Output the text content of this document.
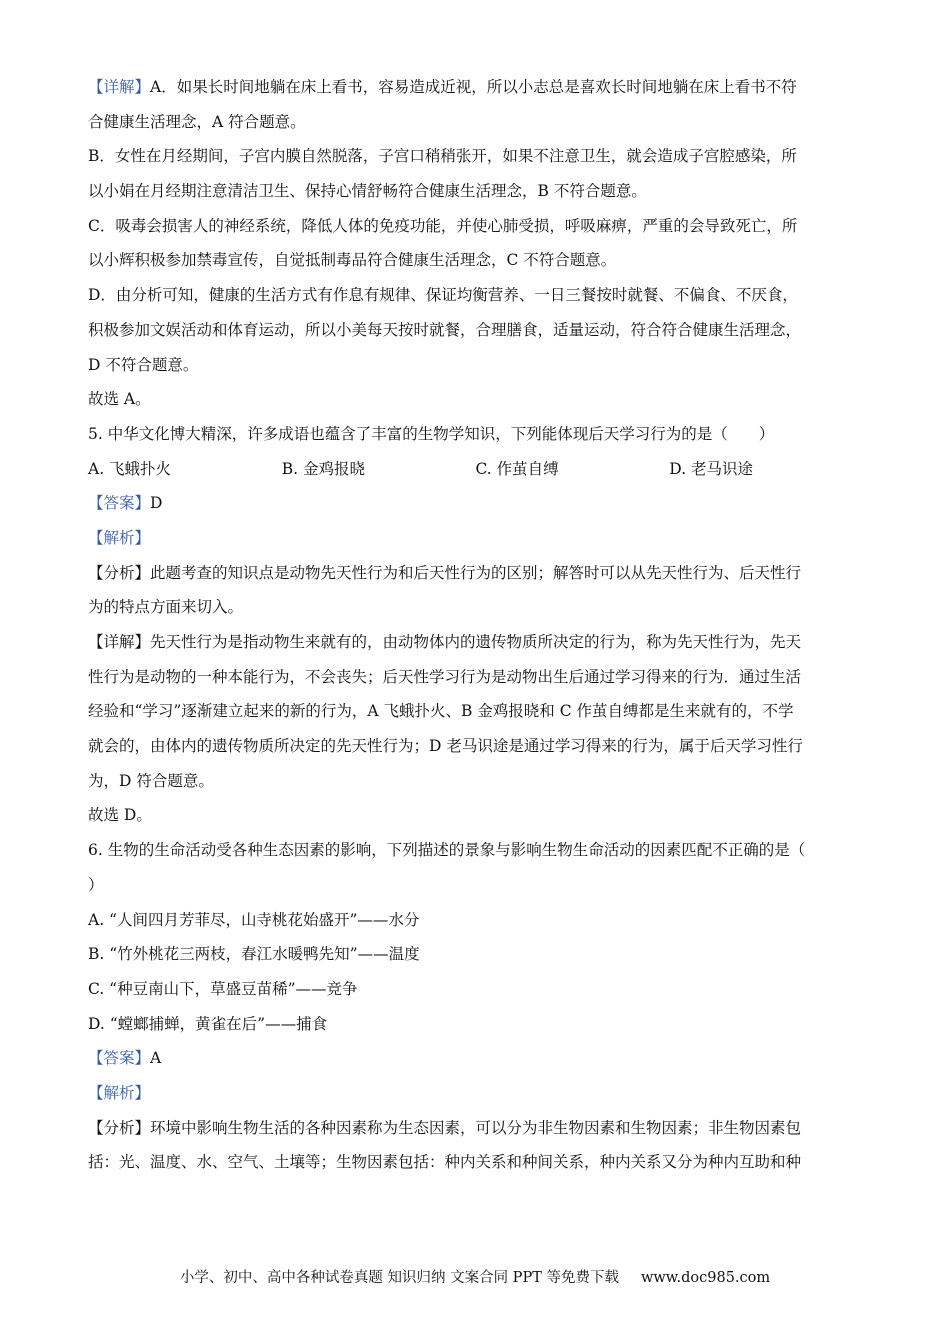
【详解】A．如果长时间地躺在床上看书，容易造成近视，所以小志总是喜欢长时间地躺在床上看书不符
合健康生活理念，A 符合题意。
B．女性在月经期间，子宫内膜自然脱落，子宫口稍稍张开，如果不注意卫生，就会造成子宫腔感染，所
以小娟在月经期注意清洁卫生、保持心情舒畅符合健康生活理念，B 不符合题意。
C．吸毒会损害人的神经系统，降低人体的免疫功能，并使心肺受损，呼吸麻痹，严重的会导致死亡，所
以小辉积极参加禁毒宣传，自觉抵制毒品符合健康生活理念，C 不符合题意。
D．由分析可知，健康的生活方式有作息有规律、保证均衡营养、一日三餐按时就餐、不偏食、不厌食，
积极参加文娱活动和体育运动，所以小美每天按时就餐，合理膳食，适量运动，符合符合健康生活理念，
D 不符合题意。
故选 A。
5. 中华文化博大精深，许多成语也蕴含了丰富的生物学知识，下列能体现后天学习行为的是（　　）
A. 飞蛾扑火	B. 金鸡报晓	C. 作茧自缚	D. 老马识途
【答案】D
【解析】
【分析】此题考查的知识点是动物先天性行为和后天性行为的区别；解答时可以从先天性行为、后天性行
为的特点方面来切入。
【详解】先天性行为是指动物生来就有的，由动物体内的遗传物质所决定的行为，称为先天性行为，先天
性行为是动物的一种本能行为，不会丧失；后天性学习行为是动物出生后通过学习得来的行为．通过生活
经验和“学习”逐渐建立起来的新的行为，A 飞蛾扑火、B 金鸡报晓和 C 作茧自缚都是生来就有的，不学
就会的，由体内的遗传物质所决定的先天性行为；D 老马识途是通过学习得来的行为，属于后天学习性行
为，D 符合题意。
故选 D。
6. 生物的生命活动受各种生态因素的影响，下列描述的景象与影响生物生命活动的因素匹配不正确的是（
）
A. “人间四月芳菲尽，山寺桃花始盛开”——水分
B. “竹外桃花三两枝，春江水暖鸭先知”——温度
C. “种豆南山下，草盛豆苗稀”——竞争
D. “螳螂捕蝉，黄雀在后”——捕食
【答案】A
【解析】
【分析】环境中影响生物生活的各种因素称为生态因素，可以分为非生物因素和生物因素；非生物因素包
括：光、温度、水、空气、土壤等；生物因素包括：种内关系和种间关系，种内关系又分为种内互助和种
小学、初中、高中各种试卷真题 知识归纳 文案合同 PPT 等免费下载 www.doc985.com
